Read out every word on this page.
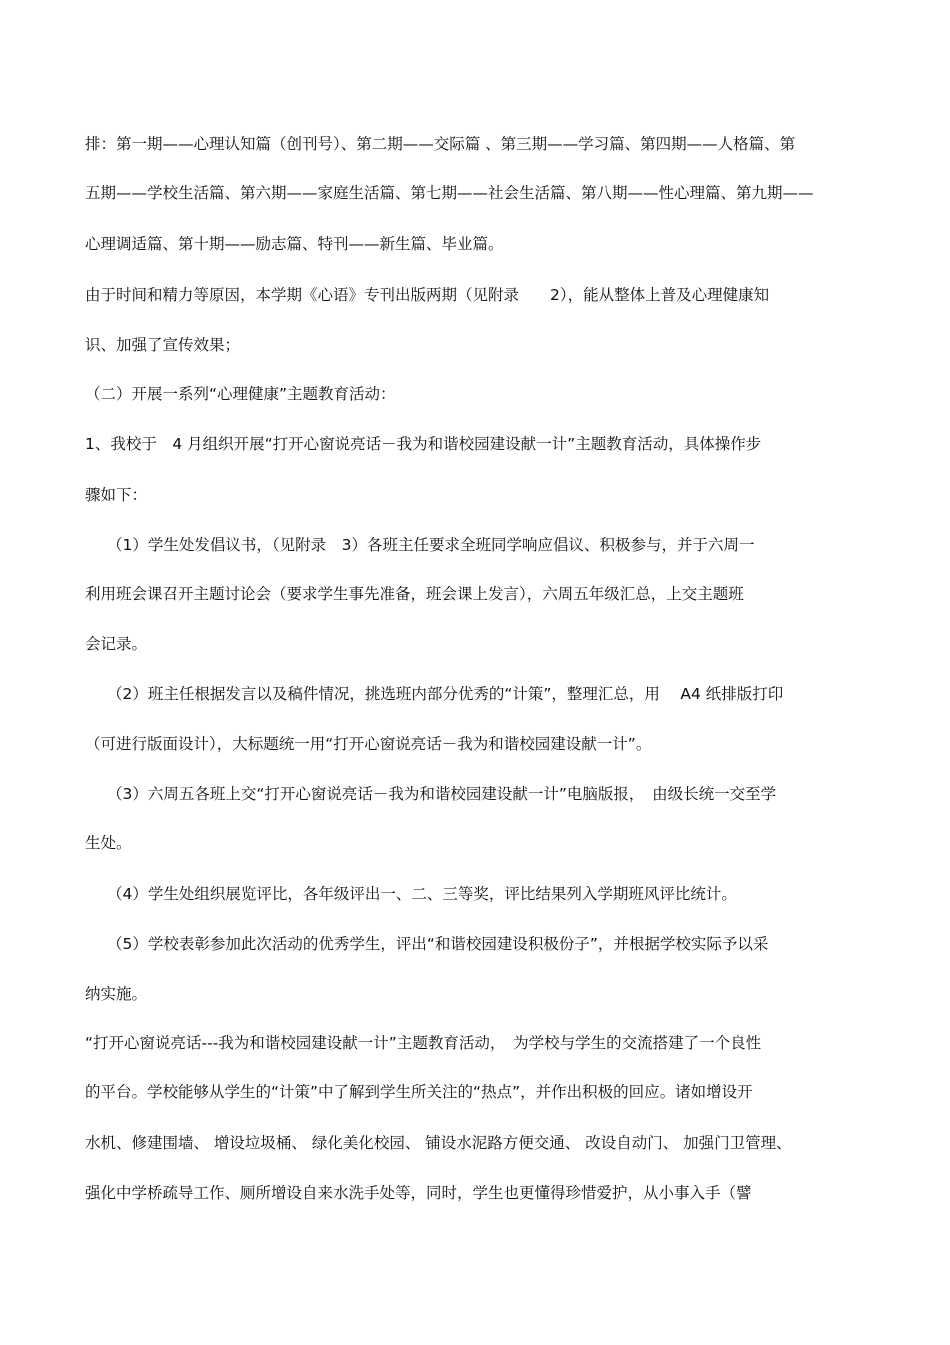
排：第一期——心理认知篇（创刊号）、第二期——交际篇 、第三期——学习篇、第四期——人格篇、第

五期——学校生活篇、第六期——家庭生活篇、第七期——社会生活篇、第八期——性心理篇、第九期——

心理调适篇、第十期——励志篇、特刊——新生篇、毕业篇。

由于时间和精力等原因，本学期《心语》专刊出版两期（见附录　　2），能从整体上普及心理健康知

识、加强了宣传效果；

（二）开展一系列“心理健康”主题教育活动：

1、我校于　4 月组织开展“打开心窗说亮话－我为和谐校园建设献一计”主题教育活动，具体操作步

骤如下：

（1）学生处发倡议书，（见附录　3）各班主任要求全班同学响应倡议、积极参与，并于六周一

利用班会课召开主题讨论会（要求学生事先准备，班会课上发言），六周五年级汇总，上交主题班

会记录。

（2）班主任根据发言以及稿件情况，挑选班内部分优秀的“计策”，整理汇总，用　 A4 纸排版打印

（可进行版面设计），大标题统一用“打开心窗说亮话－我为和谐校园建设献一计”。

（3）六周五各班上交“打开心窗说亮话－我为和谐校园建设献一计”电脑版报，　由级长统一交至学

生处。

（4）学生处组织展览评比，各年级评出一、二、三等奖，评比结果列入学期班风评比统计。

（5）学校表彰参加此次活动的优秀学生，评出“和谐校园建设积极份子”，并根据学校实际予以采

纳实施。

“打开心窗说亮话---我为和谐校园建设献一计”主题教育活动，　为学校与学生的交流搭建了一个良性

的平台。学校能够从学生的“计策”中了解到学生所关注的“热点”，并作出积极的回应。诸如增设开

水机、修建围墙、 增设垃圾桶、 绿化美化校园、 铺设水泥路方便交通、 改设自动门、 加强门卫管理、

强化中学桥疏导工作、厕所增设自来水洗手处等，同时，学生也更懂得珍惜爱护，从小事入手（譬
